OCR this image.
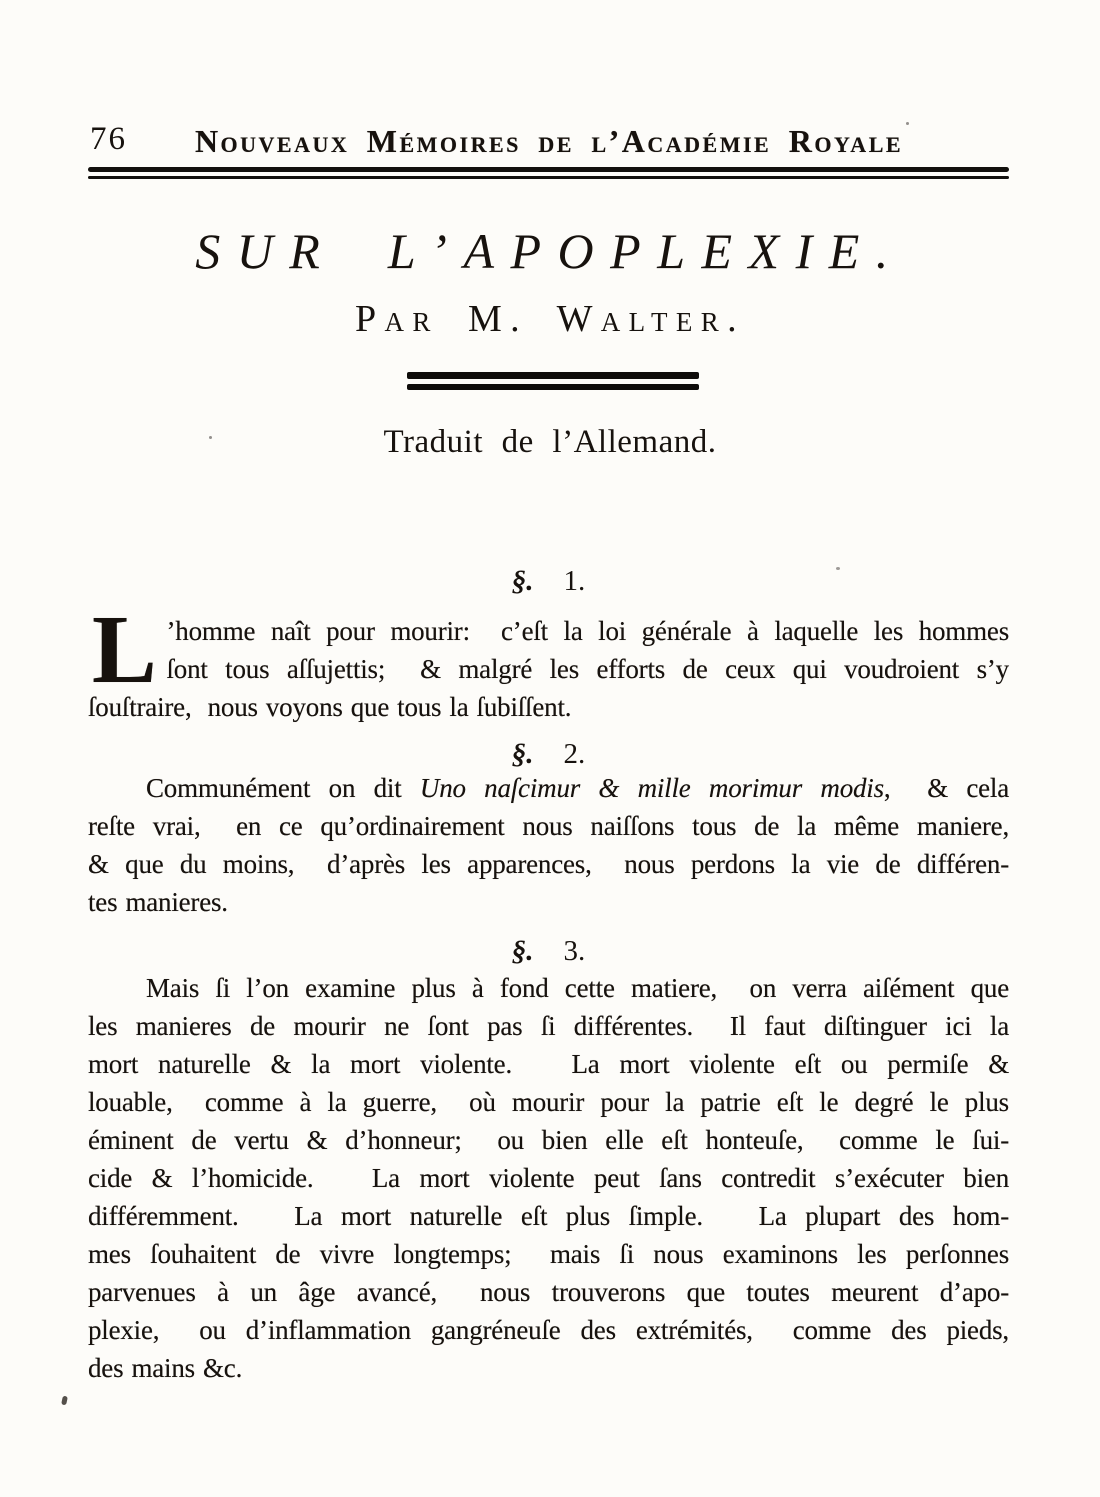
76 Nouveaux Mémoires de l’Académie Royale
SUR L’APOPLEXIE.
Par M. Walter.
Traduit de l’Allemand.
§. 1.
L ’homme naît pour mourir:  c’eſt la loi générale à laquelle les hommes
ſont tous aſſujettis;  & malgré les efforts de ceux qui voudroient s’y
ſouſtraire,  nous voyons que tous la ſubiſſent.
§. 2.
Communément on dit Uno naſcimur & mille morimur modis,  & cela
reſte vrai,  en ce qu’ordinairement nous naiſſons tous de la même maniere,
& que du moins,  d’après les apparences,  nous perdons la vie de différen-
tes manieres.
§. 3.
Mais ſi l’on examine plus à fond cette matiere,  on verra aiſément que
les manieres de mourir ne ſont pas ſi différentes.  Il faut diſtinguer ici la
mort naturelle & la mort violente.   La mort violente eſt ou permiſe &
louable,  comme à la guerre,  où mourir pour la patrie eſt le degré le plus
éminent de vertu & d’honneur;  ou bien elle eſt honteuſe,  comme le ſui-
cide & l’homicide.   La mort violente peut ſans contredit s’exécuter bien
différemment.   La mort naturelle eſt plus ſimple.   La plupart des hom-
mes ſouhaitent de vivre longtemps;  mais ſi nous examinons les perſonnes
parvenues à un âge avancé,  nous trouverons que toutes meurent d’apo-
plexie,  ou d’inflammation gangréneuſe des extrémités,  comme des pieds,
des mains &c.
